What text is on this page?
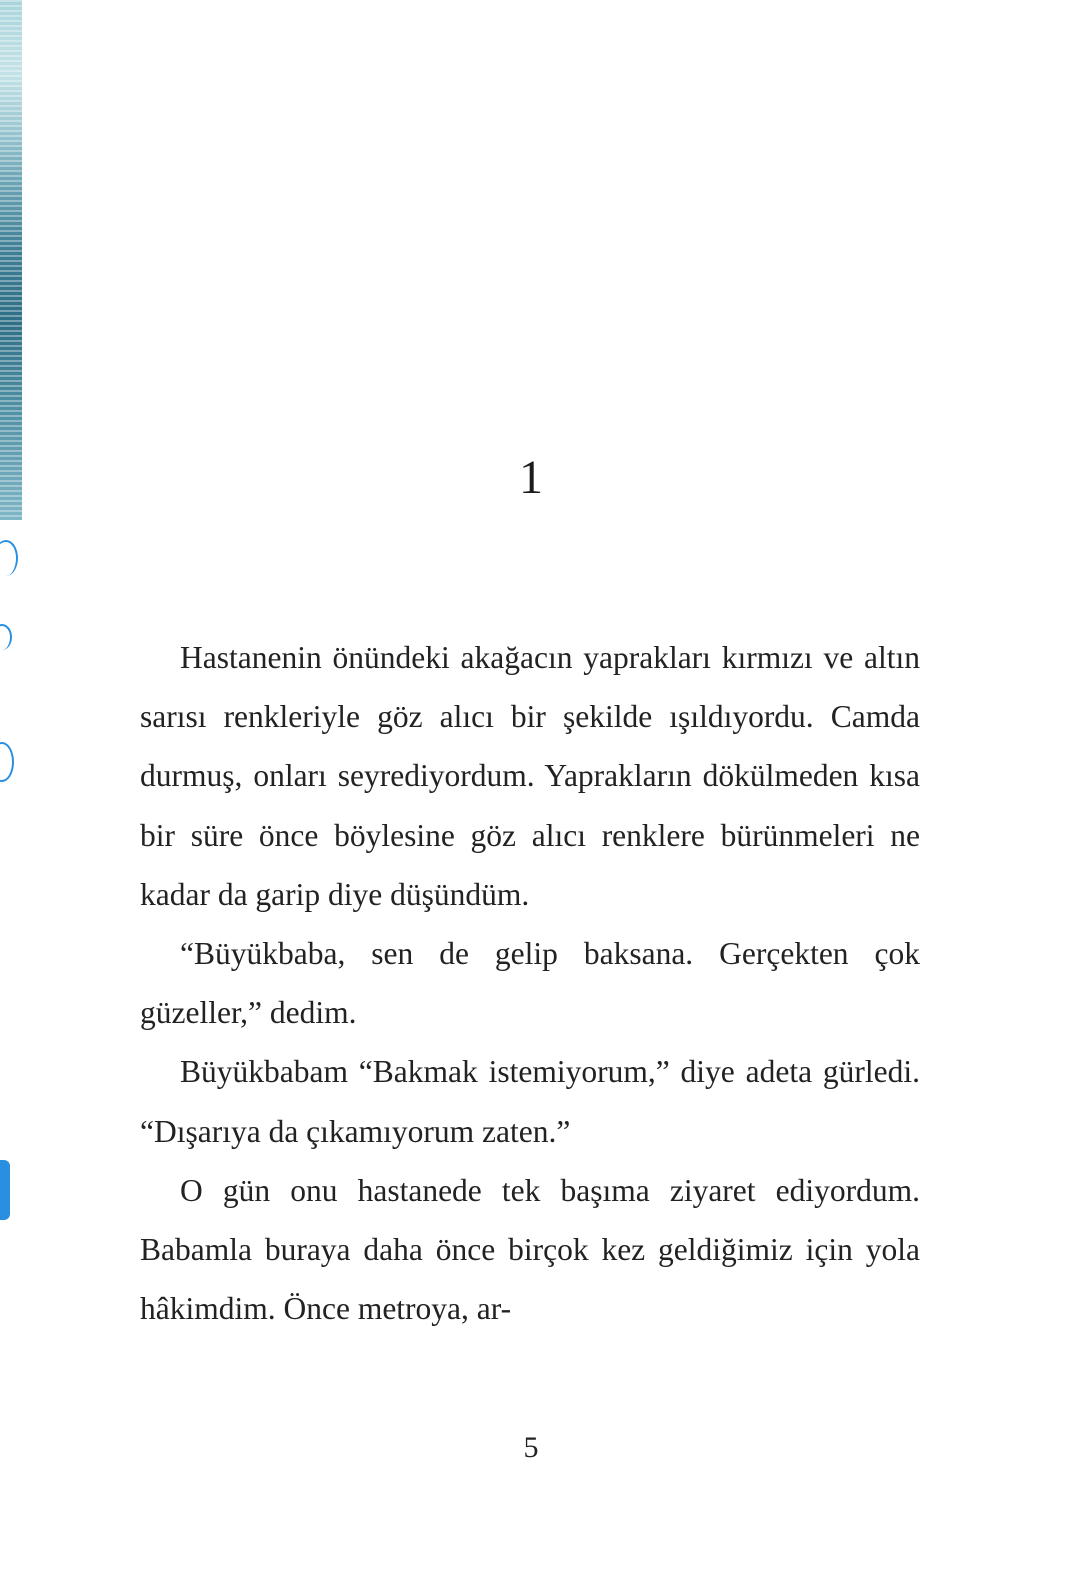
1

Hastanenin önündeki akağacın yaprakları kırmızı ve altın sarısı renkleriyle göz alıcı bir şekilde ışıldıyordu. Camda durmuş, onları seyrediyordum. Yaprakların dökülmeden kısa bir süre önce böylesine göz alıcı renklere bürünmeleri ne kadar da garip diye düşündüm.

“Büyükbaba, sen de gelip baksana. Gerçekten çok güzeller,” dedim.

Büyükbabam “Bakmak istemiyorum,” diye adeta gürledi. “Dışarıya da çıkamıyorum zaten.”

O gün onu hastanede tek başıma ziyaret ediyordum. Babamla buraya daha önce birçok kez geldiğimiz için yola hâkimdim. Önce metroya, ar-

5
